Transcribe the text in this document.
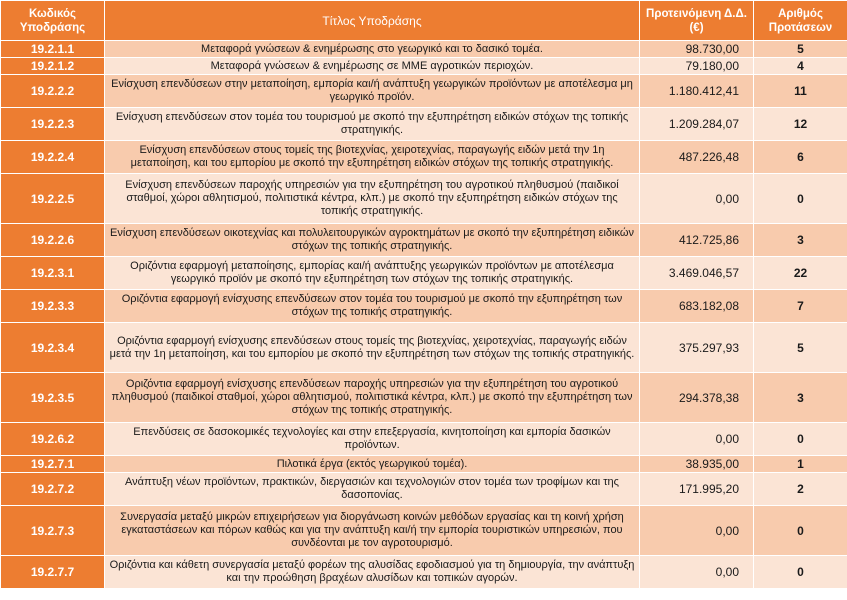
Κωδικός Υποδράσης	Τίτλος Υποδράσης	Προτεινόμενη Δ.Δ. (€)	Αριθμός Προτάσεων
19.2.1.1	Μεταφορά γνώσεων & ενημέρωσης στο γεωργικό και το δασικό τομέα.	98.730,00	5
19.2.1.2	Μεταφορά γνώσεων & ενημέρωσης σε ΜΜΕ αγροτικών περιοχών.	79.180,00	4
19.2.2.2	Ενίσχυση επενδύσεων στην μεταποίηση, εμπορία και/ή ανάπτυξη γεωργικών προϊόντων με αποτέλεσμα μη γεωργικό προϊόν.	1.180.412,41	11
19.2.2.3	Ενίσχυση επενδύσεων στον τομέα του τουρισμού με σκοπό την εξυπηρέτηση ειδικών στόχων της τοπικής στρατηγικής.	1.209.284,07	12
19.2.2.4	Ενίσχυση επενδύσεων στους τομείς της βιοτεχνίας, χειροτεχνίας, παραγωγής ειδών μετά την 1η μεταποίηση, και του εμπορίου με σκοπό την εξυπηρέτηση ειδικών στόχων της τοπικής στρατηγικής.	487.226,48	6
19.2.2.5	Ενίσχυση επενδύσεων παροχής υπηρεσιών για την εξυπηρέτηση του αγροτικού πληθυσμού (παιδικοί σταθμοί, χώροι αθλητισμού, πολιτιστικά κέντρα, κλπ.) με σκοπό την εξυπηρέτηση ειδικών στόχων της τοπικής στρατηγικής.	0,00	0
19.2.2.6	Ενίσχυση επενδύσεων οικοτεχνίας και πολυλειτουργικών αγροκτημάτων με σκοπό την εξυπηρέτηση ειδικών στόχων της τοπικής στρατηγικής.	412.725,86	3
19.2.3.1	Οριζόντια εφαρμογή μεταποίησης, εμπορίας και/ή ανάπτυξης γεωργικών προϊόντων με αποτέλεσμα γεωργικό προϊόν με σκοπό την εξυπηρέτηση των στόχων της τοπικής στρατηγικής.	3.469.046,57	22
19.2.3.3	Οριζόντια εφαρμογή ενίσχυσης επενδύσεων στον τομέα του τουρισμού με σκοπό την εξυπηρέτηση των στόχων της τοπικής στρατηγικής.	683.182,08	7
19.2.3.4	Οριζόντια εφαρμογή ενίσχυσης επενδύσεων στους τομείς της βιοτεχνίας, χειροτεχνίας, παραγωγής ειδών μετά την 1η μεταποίηση, και του εμπορίου με σκοπό την εξυπηρέτηση των στόχων της τοπικής στρατηγικής.	375.297,93	5
19.2.3.5	Οριζόντια εφαρμογή ενίσχυσης επενδύσεων παροχής υπηρεσιών για την εξυπηρέτηση του αγροτικού πληθυσμού (παιδικοί σταθμοί, χώροι αθλητισμού, πολιτιστικά κέντρα, κλπ.) με σκοπό την εξυπηρέτηση των στόχων της τοπικής στρατηγικής.	294.378,38	3
19.2.6.2	Επενδύσεις σε δασοκομικές τεχνολογίες και στην επεξεργασία, κινητοποίηση και εμπορία δασικών προϊόντων.	0,00	0
19.2.7.1	Πιλοτικά έργα (εκτός γεωργικού τομέα).	38.935,00	1
19.2.7.2	Ανάπτυξη νέων προϊόντων, πρακτικών, διεργασιών και τεχνολογιών στον τομέα των τροφίμων και της δασοπονίας.	171.995,20	2
19.2.7.3	Συνεργασία μεταξύ μικρών επιχειρήσεων για διοργάνωση κοινών μεθόδων εργασίας και τη κοινή χρήση εγκαταστάσεων και πόρων καθώς και για την ανάπτυξη και/ή την εμπορία τουριστικών υπηρεσιών, που συνδέονται με τον αγροτουρισμό.	0,00	0
19.2.7.7	Οριζόντια και κάθετη συνεργασία μεταξύ φορέων της αλυσίδας εφοδιασμού για τη δημιουργία, την ανάπτυξη και την προώθηση βραχέων αλυσίδων και τοπικών αγορών.	0,00	0
